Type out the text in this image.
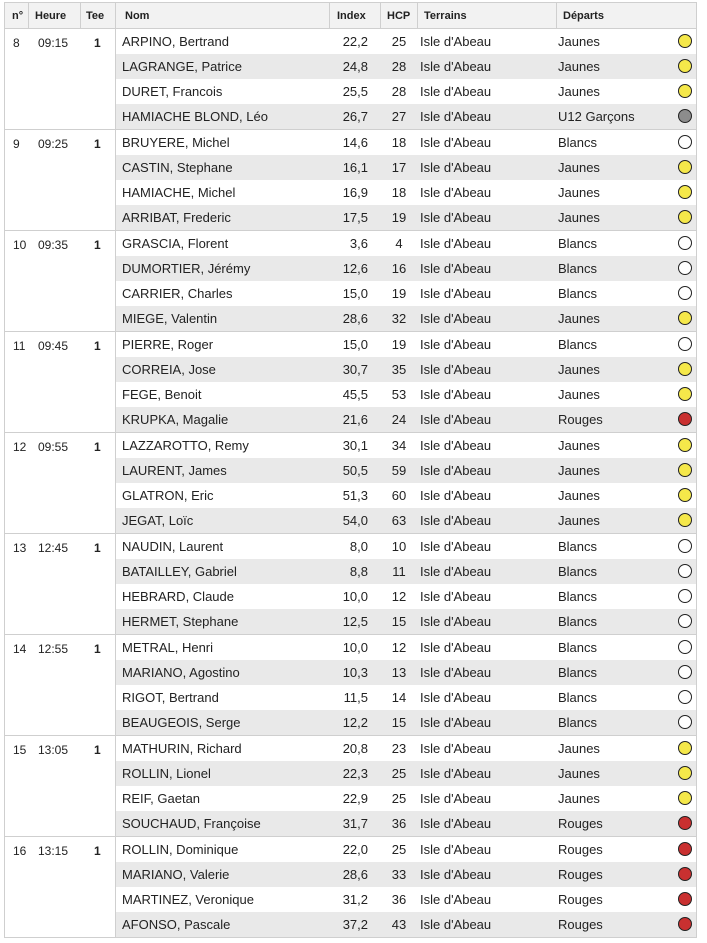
n° Heure Tee Nom	Index HCP Terrains	Départs
8 09:15 1 ARPINO, Bertrand	22,2	25	Isle d'Abeau	Jaunes
LAGRANGE, Patrice	24,8	28	Isle d'Abeau	Jaunes
DURET, Francois	25,5	28	Isle d'Abeau	Jaunes
HAMIACHE BLOND, Léo	26,7	27	Isle d'Abeau	U12 Garçons
9 09:25 1 BRUYERE, Michel	14,6	18	Isle d'Abeau	Blancs
CASTIN, Stephane	16,1	17	Isle d'Abeau	Jaunes
HAMIACHE, Michel	16,9	18	Isle d'Abeau	Jaunes
ARRIBAT, Frederic	17,5	19	Isle d'Abeau	Jaunes
10 09:35 1 GRASCIA, Florent	3,6	4	Isle d'Abeau	Blancs
DUMORTIER, Jérémy	12,6	16	Isle d'Abeau	Blancs
CARRIER, Charles	15,0	19	Isle d'Abeau	Blancs
MIEGE, Valentin	28,6	32	Isle d'Abeau	Jaunes
11 09:45 1 PIERRE, Roger	15,0	19	Isle d'Abeau	Blancs
CORREIA, Jose	30,7	35	Isle d'Abeau	Jaunes
FEGE, Benoit	45,5	53	Isle d'Abeau	Jaunes
KRUPKA, Magalie	21,6	24	Isle d'Abeau	Rouges
12 09:55 1 LAZZAROTTO, Remy	30,1	34	Isle d'Abeau	Jaunes
LAURENT, James	50,5	59	Isle d'Abeau	Jaunes
GLATRON, Eric	51,3	60	Isle d'Abeau	Jaunes
JEGAT, Loïc	54,0	63	Isle d'Abeau	Jaunes
13 12:45 1 NAUDIN, Laurent	8,0	10	Isle d'Abeau	Blancs
BATAILLEY, Gabriel	8,8	11	Isle d'Abeau	Blancs
HEBRARD, Claude	10,0	12	Isle d'Abeau	Blancs
HERMET, Stephane	12,5	15	Isle d'Abeau	Blancs
14 12:55 1 METRAL, Henri	10,0	12	Isle d'Abeau	Blancs
MARIANO, Agostino	10,3	13	Isle d'Abeau	Blancs
RIGOT, Bertrand	11,5	14	Isle d'Abeau	Blancs
BEAUGEOIS, Serge	12,2	15	Isle d'Abeau	Blancs
15 13:05 1 MATHURIN, Richard	20,8	23	Isle d'Abeau	Jaunes
ROLLIN, Lionel	22,3	25	Isle d'Abeau	Jaunes
REIF, Gaetan	22,9	25	Isle d'Abeau	Jaunes
SOUCHAUD, Françoise	31,7	36	Isle d'Abeau	Rouges
16 13:15 1 ROLLIN, Dominique	22,0	25	Isle d'Abeau	Rouges
MARIANO, Valerie	28,6	33	Isle d'Abeau	Rouges
MARTINEZ, Veronique	31,2	36	Isle d'Abeau	Rouges
AFONSO, Pascale	37,2	43	Isle d'Abeau	Rouges
